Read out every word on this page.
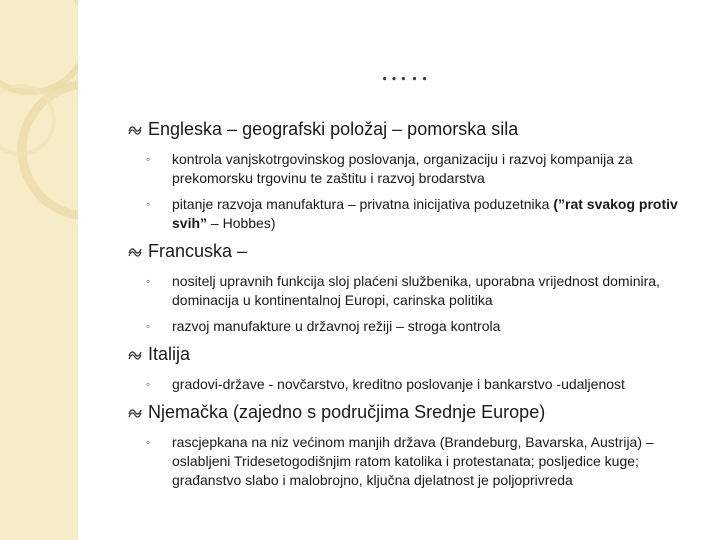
…..
Engleska – geografski položaj – pomorska sila
◦ kontrola vanjskotrgovinskog poslovanja, organizaciju i razvoj kompanija za prekomorsku trgovinu te zaštitu i razvoj brodarstva
◦ pitanje razvoja manufaktura – privatna inicijativa poduzetnika (”rat svakog protiv svih” – Hobbes)
Francuska –
◦ nositelj upravnih funkcija sloj plaćeni službenika, uporabna vrijednost dominira, dominacija u kontinentalnoj Europi, carinska politika
◦ razvoj manufakture u državnoj režiji – stroga kontrola
Italija
◦ gradovi-države - novčarstvo, kreditno poslovanje i bankarstvo -udaljenost
Njemačka (zajedno s područjima Srednje Europe)
◦ rascjepkana na niz većinom manjih država (Brandeburg, Bavarska, Austrija) – oslabljeni Tridesetogodišnjim ratom katolika i protestanata; posljedice kuge; građanstvo slabo i malobrojno, ključna djelatnost je poljoprivreda
